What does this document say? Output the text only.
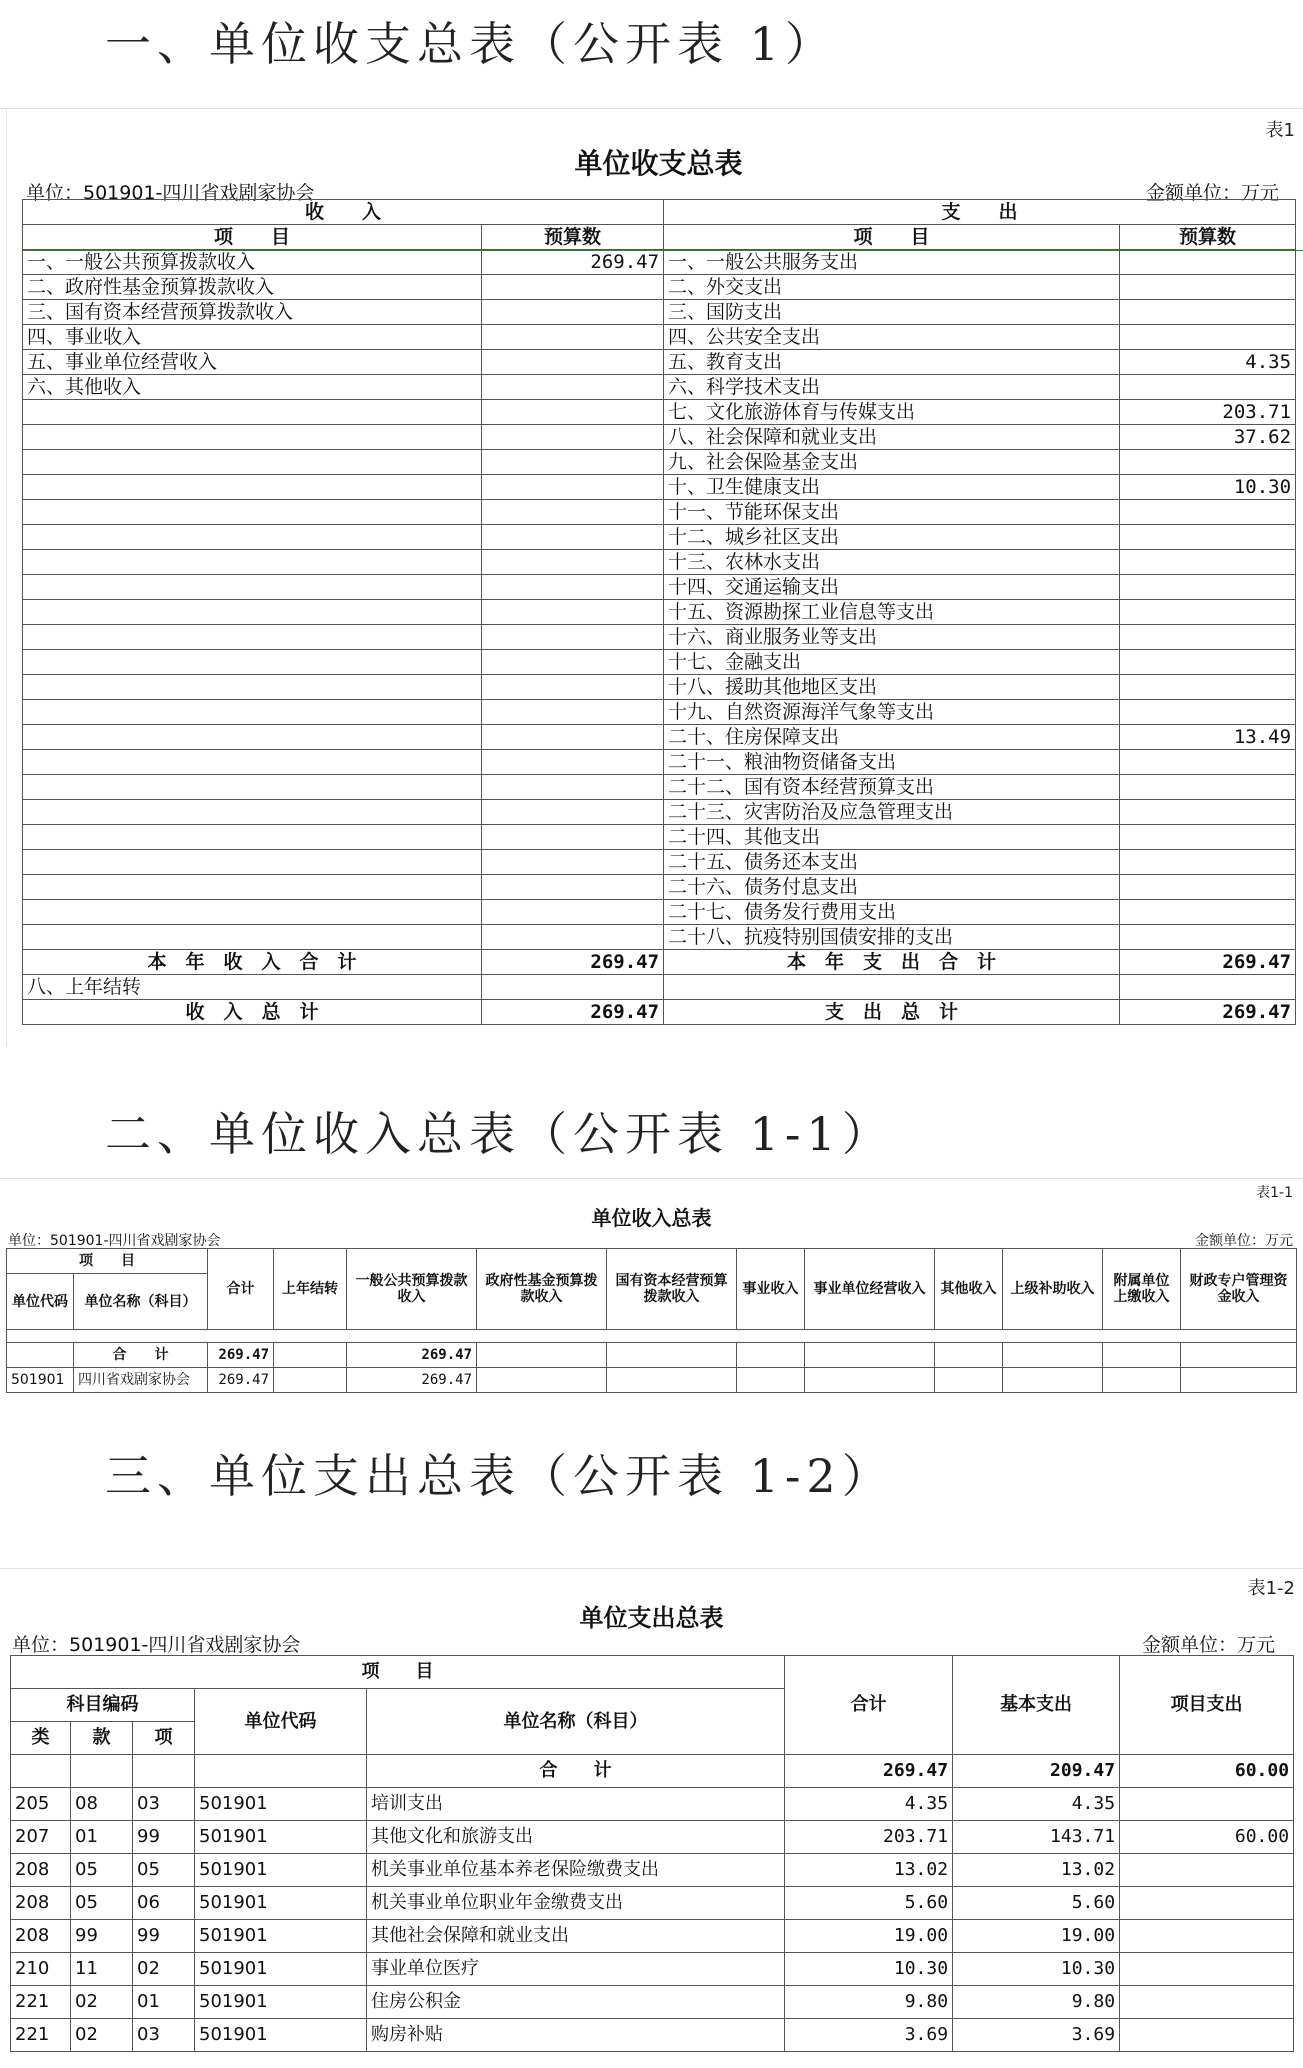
一、单位收支总表（公开表 1）
二、单位收入总表（公开表 1-1）
三、单位支出总表（公开表 1-2）
表1
单位收支总表
单位：501901-四川省戏剧家协会	金额单位：万元
收　　入		支　　出	
项　　目	预算数	项　　目	预算数
一、一般公共预算拨款收入	269.47	一、一般公共服务支出	
二、政府性基金预算拨款收入		二、外交支出	
三、国有资本经营预算拨款收入		三、国防支出	
四、事业收入		四、公共安全支出	
五、事业单位经营收入		五、教育支出	4.35
六、其他收入		六、科学技术支出	
		七、文化旅游体育与传媒支出	203.71
		八、社会保障和就业支出	37.62
		九、社会保险基金支出	
		十、卫生健康支出	10.30
		十一、节能环保支出	
		十二、城乡社区支出	
		十三、农林水支出	
		十四、交通运输支出	
		十五、资源勘探工业信息等支出	
		十六、商业服务业等支出	
		十七、金融支出	
		十八、援助其他地区支出	
		十九、自然资源海洋气象等支出	
		二十、住房保障支出	13.49
		二十一、粮油物资储备支出	
		二十二、国有资本经营预算支出	
		二十三、灾害防治及应急管理支出	
		二十四、其他支出	
		二十五、债务还本支出	
		二十六、债务付息支出	
		二十七、债务发行费用支出	
		二十八、抗疫特别国债安排的支出	
本　年　收　入　合　计	269.47	本　年　支　出　合　计	269.47
八、上年结转			
收　入　总　计	269.47	支　出　总　计	269.47
表1-1
单位收入总表
单位：501901-四川省戏剧家协会	金额单位：万元
项　　目		合计	上年结转	一般公共预算拨款收入	政府性基金预算拨款收入	国有资本经营预算拨款收入	事业收入	事业单位经营收入	其他收入	上级补助收入	附属单位上缴收入	财政专户管理资金收入
单位代码	单位名称（科目）											

	合　　计	269.47		269.47								
501901	四川省戏剧家协会	269.47		269.47								
表1-2
单位支出总表
单位：501901-四川省戏剧家协会	金额单位：万元
项　　目					合计	基本支出	项目支出
科目编码			单位代码	单位名称（科目）			
类	款	项					
				合　　计	269.47	209.47	60.00
205	08	03	501901	培训支出	4.35	4.35	
207	01	99	501901	其他文化和旅游支出	203.71	143.71	60.00
208	05	05	501901	机关事业单位基本养老保险缴费支出	13.02	13.02	
208	05	06	501901	机关事业单位职业年金缴费支出	5.60	5.60	
208	99	99	501901	其他社会保障和就业支出	19.00	19.00	
210	11	02	501901	事业单位医疗	10.30	10.30	
221	02	01	501901	住房公积金	9.80	9.80	
221	02	03	501901	购房补贴	3.69	3.69	
